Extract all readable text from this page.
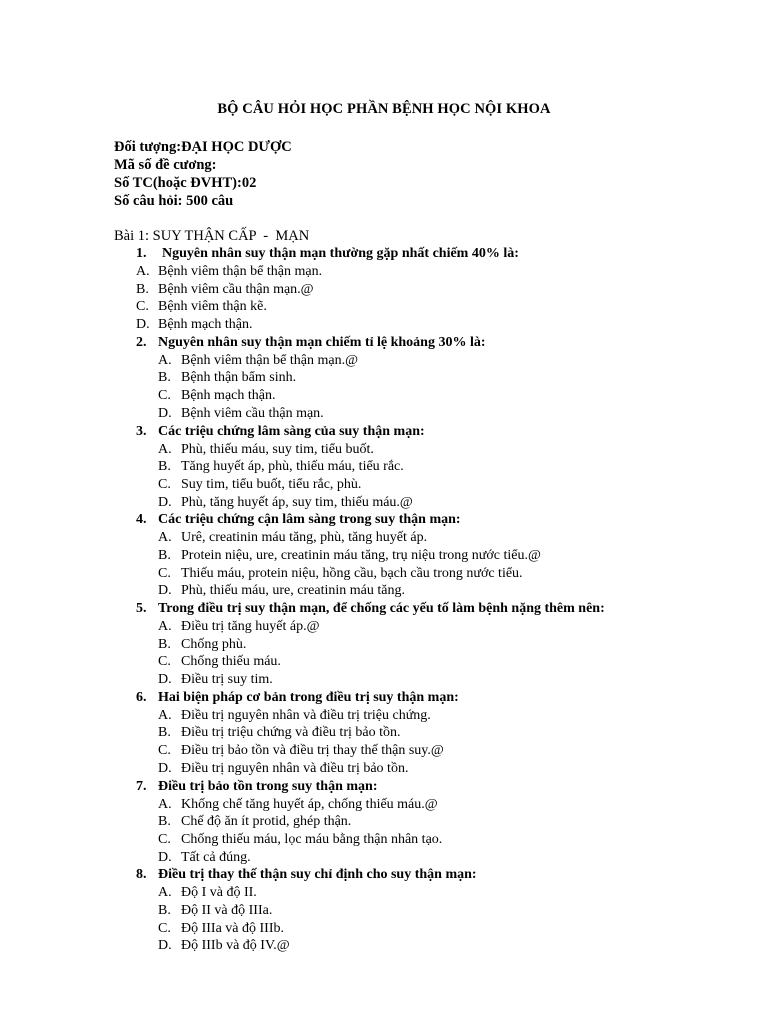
BỘ CÂU HỎI HỌC PHẦN BỆNH HỌC NỘI KHOA
Đối tượng:ĐẠI HỌC DƯỢC
Mã số đề cương:
Số TC(hoặc ĐVHT):02
Số câu hỏi: 500 câu
Bài 1: SUY THẬN CẤP  -  MẠN
1. Nguyên nhân suy thận mạn thường gặp nhất chiếm 40% là:
A. Bệnh viêm thận bể thận mạn.
B. Bệnh viêm cầu thận mạn.@
C. Bệnh viêm thận kẽ.
D. Bệnh mạch thận.
2. Nguyên nhân suy thận mạn chiếm tỉ lệ khoảng 30% là:
A. Bệnh viêm thận bể thận mạn.@
B. Bệnh thận bẩm sinh.
C. Bệnh mạch thận.
D. Bệnh viêm cầu thận mạn.
3. Các triệu chứng lâm sàng của suy thận mạn:
A. Phù, thiếu máu, suy tim, tiểu buốt.
B. Tăng huyết áp, phù, thiếu máu, tiểu rắc.
C. Suy tim, tiểu buốt, tiểu rắc, phù.
D. Phù, tăng huyết áp, suy tim, thiếu máu.@
4. Các triệu chứng cận lâm sàng trong suy thận mạn:
A. Urê, creatinin máu tăng, phù, tăng huyết áp.
B. Protein niệu, ure, creatinin máu tăng, trụ niệu trong nước tiểu.@
C. Thiếu máu, protein niệu, hồng cầu, bạch cầu trong nước tiểu.
D. Phù, thiếu máu, ure, creatinin máu tăng.
5. Trong điều trị suy thận mạn, để chống các yếu tố làm bệnh nặng thêm nên:
A. Điều trị tăng huyết áp.@
B. Chống phù.
C. Chống thiếu máu.
D. Điều trị suy tim.
6. Hai biện pháp cơ bản trong điều trị suy thận mạn:
A. Điều trị nguyên nhân và điều trị triệu chứng.
B. Điều trị triệu chứng và điều trị bảo tồn.
C. Điều trị bảo tồn và điều trị thay thế thận suy.@
D. Điều trị nguyên nhân và điều trị bảo tồn.
7. Điều trị bảo tồn trong suy thận mạn:
A. Khống chế tăng huyết áp, chống thiếu máu.@
B. Chế độ ăn ít protid, ghép thận.
C. Chống thiếu máu, lọc máu bằng thận nhân tạo.
D. Tất cả đúng.
8. Điều trị thay thế thận suy chỉ định cho suy thận mạn:
A. Độ I và độ II.
B. Độ II và độ IIIa.
C. Độ IIIa và độ IIIb.
D. Độ IIIb và độ IV.@
